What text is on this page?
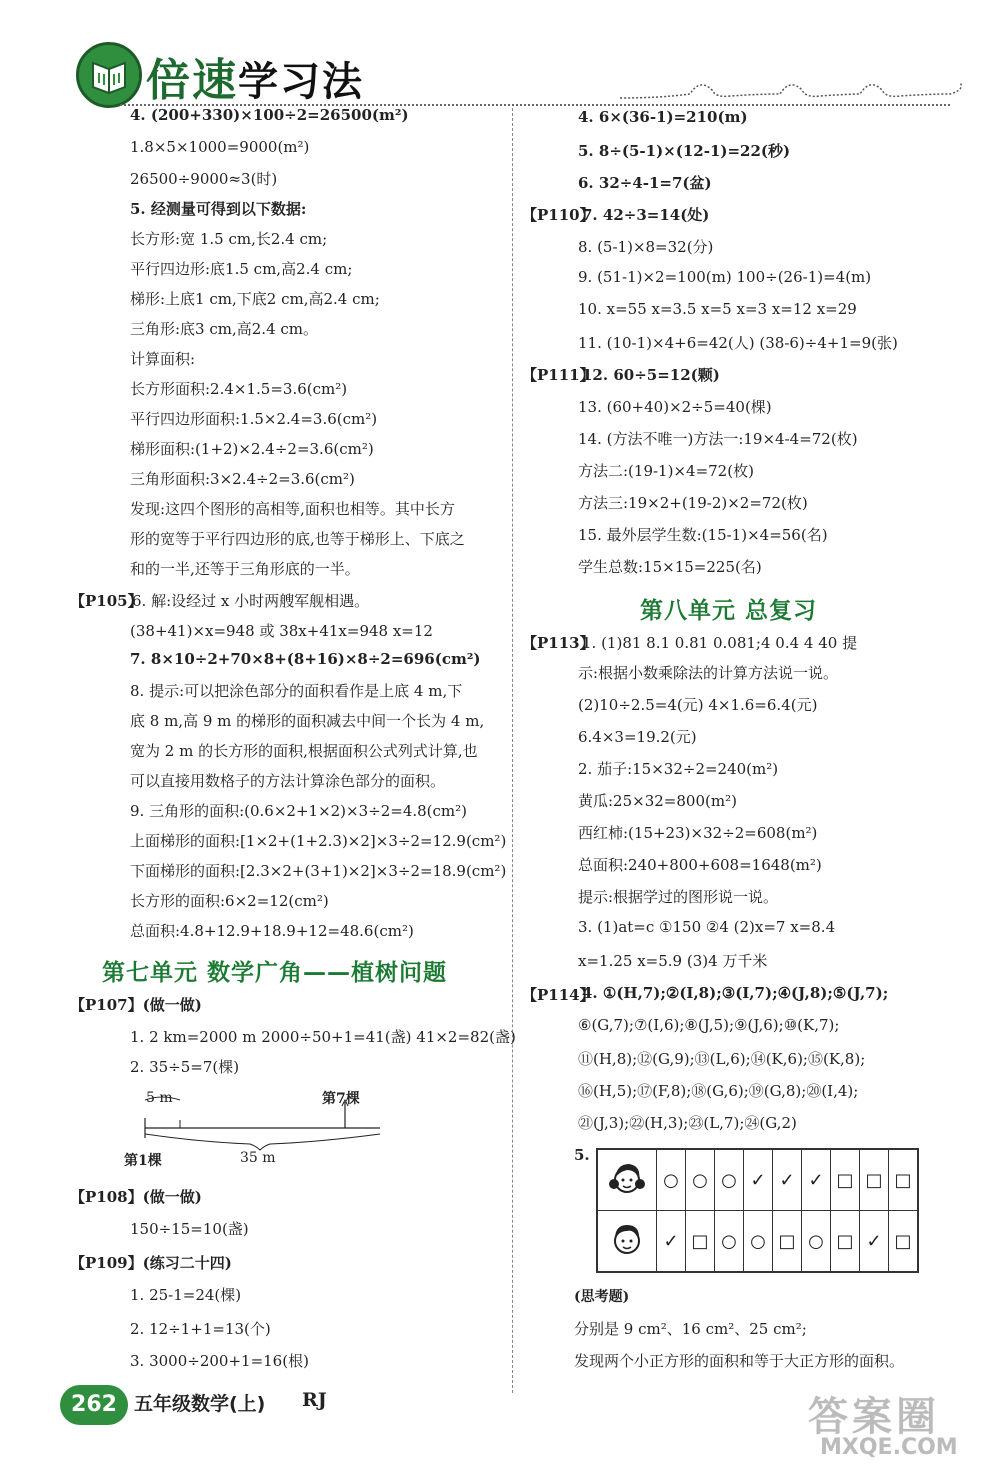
倍速学习法
4. (200+330)×100÷2=26500(m²)
1.8×5×1000=9000(m²)
26500÷9000≈3(时)
5. 经测量可得到以下数据:
长方形:宽 1.5 cm,长2.4 cm;
平行四边形:底1.5 cm,高2.4 cm;
梯形:上底1 cm,下底2 cm,高2.4 cm;
三角形:底3 cm,高2.4 cm。
计算面积:
长方形面积:2.4×1.5=3.6(cm²)
平行四边形面积:1.5×2.4=3.6(cm²)
梯形面积:(1+2)×2.4÷2=3.6(cm²)
三角形面积:3×2.4÷2=3.6(cm²)
发现:这四个图形的高相等,面积也相等。其中长方
形的宽等于平行四边形的底,也等于梯形上、下底之
和的一半,还等于三角形底的一半。
【P105】
6. 解:设经过 x 小时两艘军舰相遇。
(38+41)×x=948 或 38x+41x=948 x=12
7. 8×10÷2+70×8+(8+16)×8÷2=696(cm²)
8. 提示:可以把涂色部分的面积看作是上底 4 m,下
底 8 m,高 9 m 的梯形的面积减去中间一个长为 4 m,
宽为 2 m 的长方形的面积,根据面积公式列式计算,也
可以直接用数格子的方法计算涂色部分的面积。
9. 三角形的面积:(0.6×2+1×2)×3÷2=4.8(cm²)
上面梯形的面积:[1×2+(1+2.3)×2]×3÷2=12.9(cm²)
下面梯形的面积:[2.3×2+(3+1)×2]×3÷2=18.9(cm²)
长方形的面积:6×2=12(cm²)
总面积:4.8+12.9+18.9+12=48.6(cm²)
第七单元 数学广角——植树问题
【P107】(做一做)
1. 2 km=2000 m 2000÷50+1=41(盏) 41×2=82(盏)
2. 35÷5=7(棵)
5 m	第7棵
第1棵	35 m
【P108】(做一做)
150÷15=10(盏)
【P109】(练习二十四)
1. 25-1=24(棵)
2. 12÷1+1=13(个)
3. 3000÷200+1=16(根)
4. 6×(36-1)=210(m)
5. 8÷(5-1)×(12-1)=22(秒)
6. 32÷4-1=7(盆)
【P110】
7. 42÷3=14(处)
8. (5-1)×8=32(分)
9. (51-1)×2=100(m) 100÷(26-1)=4(m)
10. x=55 x=3.5 x=5 x=3 x=12 x=29
11. (10-1)×4+6=42(人) (38-6)÷4+1=9(张)
【P111】
12. 60÷5=12(颗)
13. (60+40)×2÷5=40(棵)
14. (方法不唯一)方法一:19×4-4=72(枚)
方法二:(19-1)×4=72(枚)
方法三:19×2+(19-2)×2=72(枚)
15. 最外层学生数:(15-1)×4=56(名)
学生总数:15×15=225(名)
第八单元 总复习
【P113】
1. (1)81 8.1 0.81 0.081;4 0.4 4 40 提
示:根据小数乘除法的计算方法说一说。
(2)10÷2.5=4(元) 4×1.6=6.4(元)
6.4×3=19.2(元)
2. 茄子:15×32÷2=240(m²)
黄瓜:25×32=800(m²)
西红柿:(15+23)×32÷2=608(m²)
总面积:240+800+608=1648(m²)
提示:根据学过的图形说一说。
3. (1)at=c ①150 ②4 (2)x=7 x=8.4
x=1.25 x=5.9 (3)4 万千米
【P114】
4. ①(H,7);②(I,8);③(I,7);④(J,8);⑤(J,7);
⑥(G,7);⑦(I,6);⑧(J,5);⑨(J,6);⑩(K,7);
⑪(H,8);⑫(G,9);⑬(L,6);⑭(K,6);⑮(K,8);
⑯(H,5);⑰(F,8);⑱(G,6);⑲(G,8);⑳(I,4);
㉑(J,3);㉒(H,3);㉓(L,7);㉔(G,2)
5.
	○	○	○	✓	✓	✓	□	□	□
	✓	□	○	○	□	○	□	✓	□
(思考题)
分别是 9 cm²、16 cm²、25 cm²;
发现两个小正方形的面积和等于大正方形的面积。
262 五年级数学(上) RJ	答案圈
MXQE.COM
